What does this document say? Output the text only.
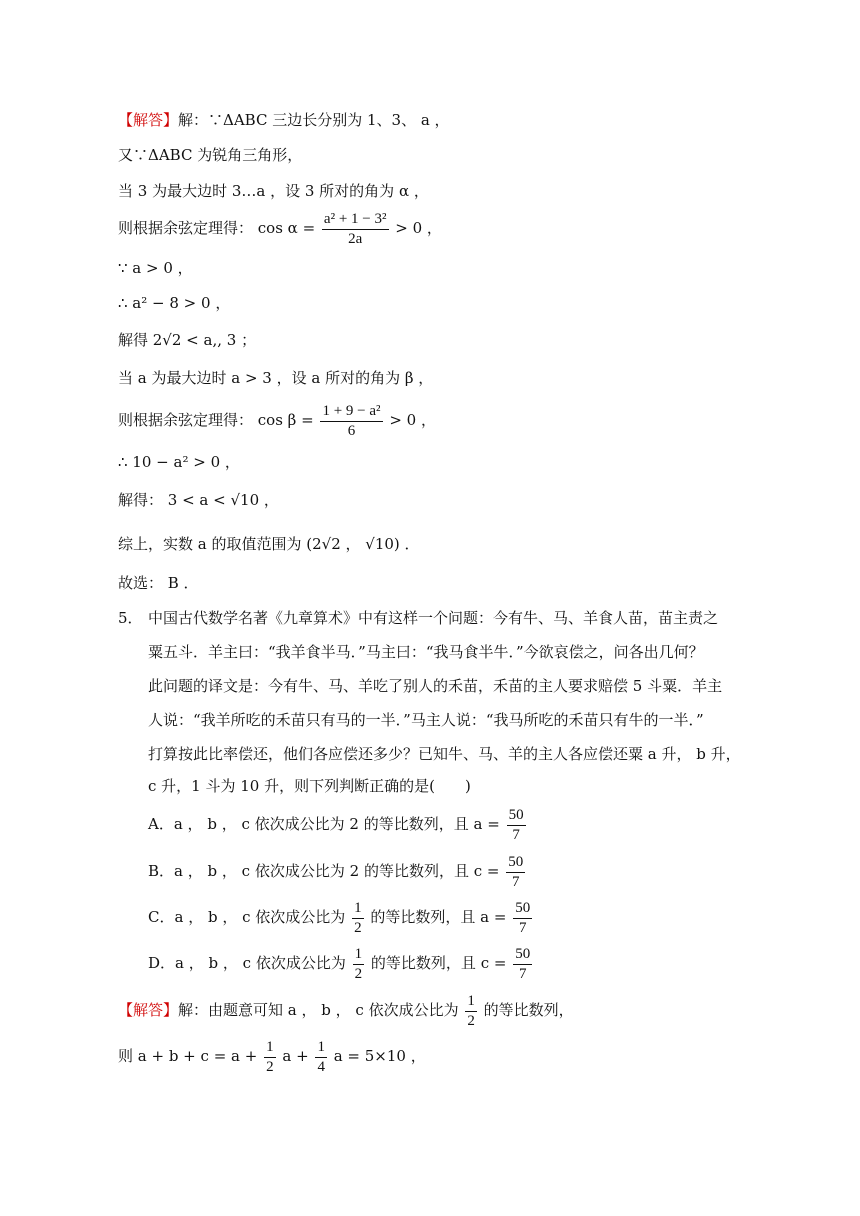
【解答】解：∵ΔABC 三边长分别为 1、3、 a ，
又∵ΔABC 为锐角三角形，
当 3 为最大边时 3…a ，设 3 所对的角为 α ，
则根据余弦定理得： $\cos \alpha = \frac{\text{a² + 1 − 3²}}{2a} > 0$ ，
∵ a > 0 ，
∴ a² − 8 > 0 ，
解得 2√2 < a,, 3 ；
当 a 为最大边时 a > 3 ，设 a 所对的角为 β ，
则根据余弦定理得： $\cos \beta = \frac{\text{1 + 9 − a²}}{6} > 0$ ，
∴ 10 − a² > 0 ，
解得： 3 < a < √10 ，
综上，实数 a 的取值范围为 (2√2 ， √10) ．
故选： B ．
5． 中国古代数学名著《九章算术》中有这样一个问题：今有牛、马、羊食人苗，苗主责之
粟五斗．羊主曰：“我羊食半马．”马主曰：“我马食半牛．”今欲哀偿之，问各出几何？
此问题的译文是：今有牛、马、羊吃了别人的禾苗，禾苗的主人要求赔偿 5 斗粟．羊主
人说：“我羊所吃的禾苗只有马的一半．”马主人说：“我马所吃的禾苗只有牛的一半．”
打算按此比率偿还，他们各应偿还多少？已知牛、马、羊的主人各应偿还粟 a 升， b 升，
c 升，1 斗为 10 升，则下列判断正确的是(　　)
A．a ， b ， c 依次成公比为 2 的等比数列，且 $a = \frac{50}{7}$
B．a ， b ， c 依次成公比为 2 的等比数列，且 $c = \frac{50}{7}$
C．a ， b ， c 依次成公比为 $\frac{1}{2}$ 的等比数列，且 $a = \frac{50}{7}$
D．a ， b ， c 依次成公比为 $\frac{1}{2}$ 的等比数列，且 $c = \frac{50}{7}$
【解答】解：由题意可知 a ， b ， c 依次成公比为 $\frac{1}{2}$ 的等比数列，
则 $a + b + c = a + \frac{1}{2}$ $a + \frac{1}{4}$ a = 5×10 ，
